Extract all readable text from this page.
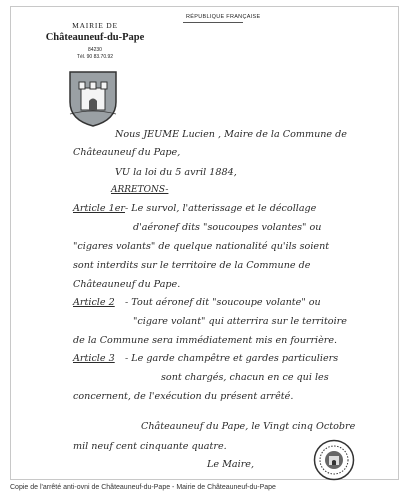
RÉPUBLIQUE FRANÇAISE
MAIRIE DE
Châteauneuf-du-Pape
84230
Tél. 90 83.70.92
Nous JEUME Lucien , Maire de la Commune de
Châteauneuf du Pape,
VU la loi du 5 avril 1884,
ARRETONS-
Article 1er - Le survol, l'atterissage et le décollage
d'aéronef dits "soucoupes volantes" ou
"cigares volants" de quelque nationalité qu'ils soient
sont interdits sur le territoire de la Commune de
Châteauneuf du Pape.
Article 2 - Tout aéronef dit "soucoupe volante" ou
"cigare volant" qui atterrira sur le territoire
de la Commune sera immédiatement mis en fourrière.
Article 3 - Le garde champêtre et gardes particuliers
sont chargés, chacun en ce qui les
concernent, de l'exécution du présent arrêté.
Châteauneuf du Pape, le Vingt cinq Octobre
mil neuf cent cinquante quatre.
Le Maire,
Copie de l'arrêté anti-ovni de Châteauneuf-du-Pape - Mairie de Châteauneuf-du-Pape
